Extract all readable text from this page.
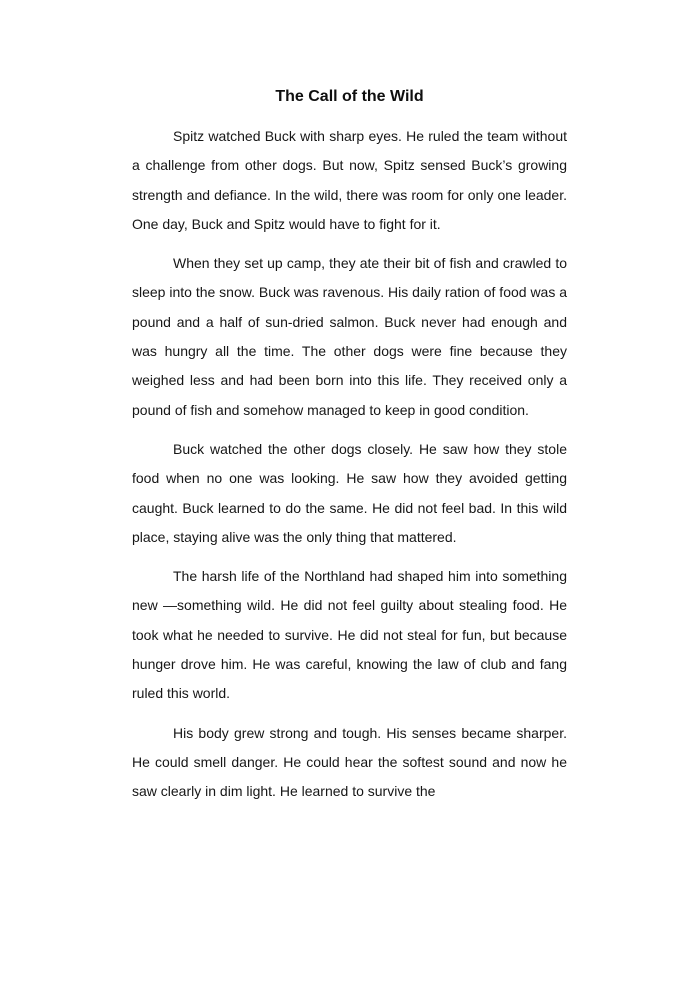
The Call of the Wild

Spitz watched Buck with sharp eyes. He ruled the team without a challenge from other dogs. But now, Spitz sensed Buck’s growing strength and defiance. In the wild, there was room for only one leader. One day, Buck and Spitz would have to fight for it.

When they set up camp, they ate their bit of fish and crawled to sleep into the snow. Buck was ravenous. His daily ration of food was a pound and a half of sun-dried salmon. Buck never had enough and was hungry all the time. The other dogs were fine because they weighed less and had been born into this life. They received only a pound of fish and somehow managed to keep in good condition.

Buck watched the other dogs closely. He saw how they stole food when no one was looking. He saw how they avoided getting caught. Buck learned to do the same. He did not feel bad. In this wild place, staying alive was the only thing that mattered.

The harsh life of the Northland had shaped him into something new —something wild. He did not feel guilty about stealing food. He took what he needed to survive. He did not steal for fun, but because hunger drove him. He was careful, knowing the law of club and fang ruled this world.

His body grew strong and tough. His senses became sharper. He could smell danger. He could hear the softest sound and now he saw clearly in dim light. He learned to survive the
